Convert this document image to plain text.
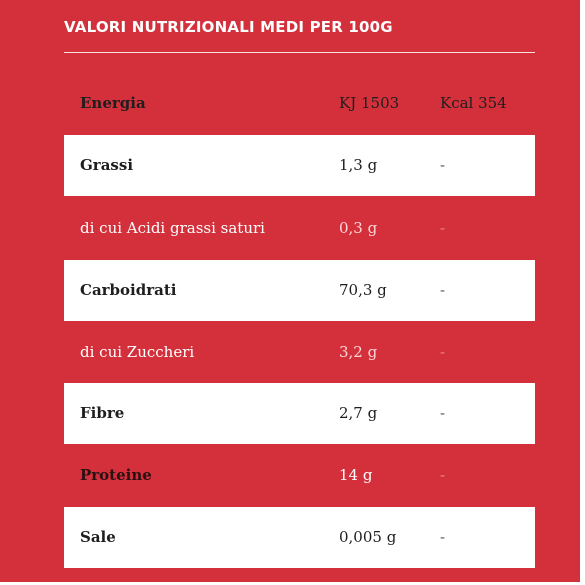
VALORI NUTRIZIONALI MEDI PER 100G
Energia	KJ 1503	Kcal 354
Grassi	1,3 g	-
di cui Acidi grassi saturi	0,3 g	-
Carboidrati	70,3 g	-
di cui Zuccheri	3,2 g	-
Fibre	2,7 g	-
Proteine	14 g	-
Sale	0,005 g	-
